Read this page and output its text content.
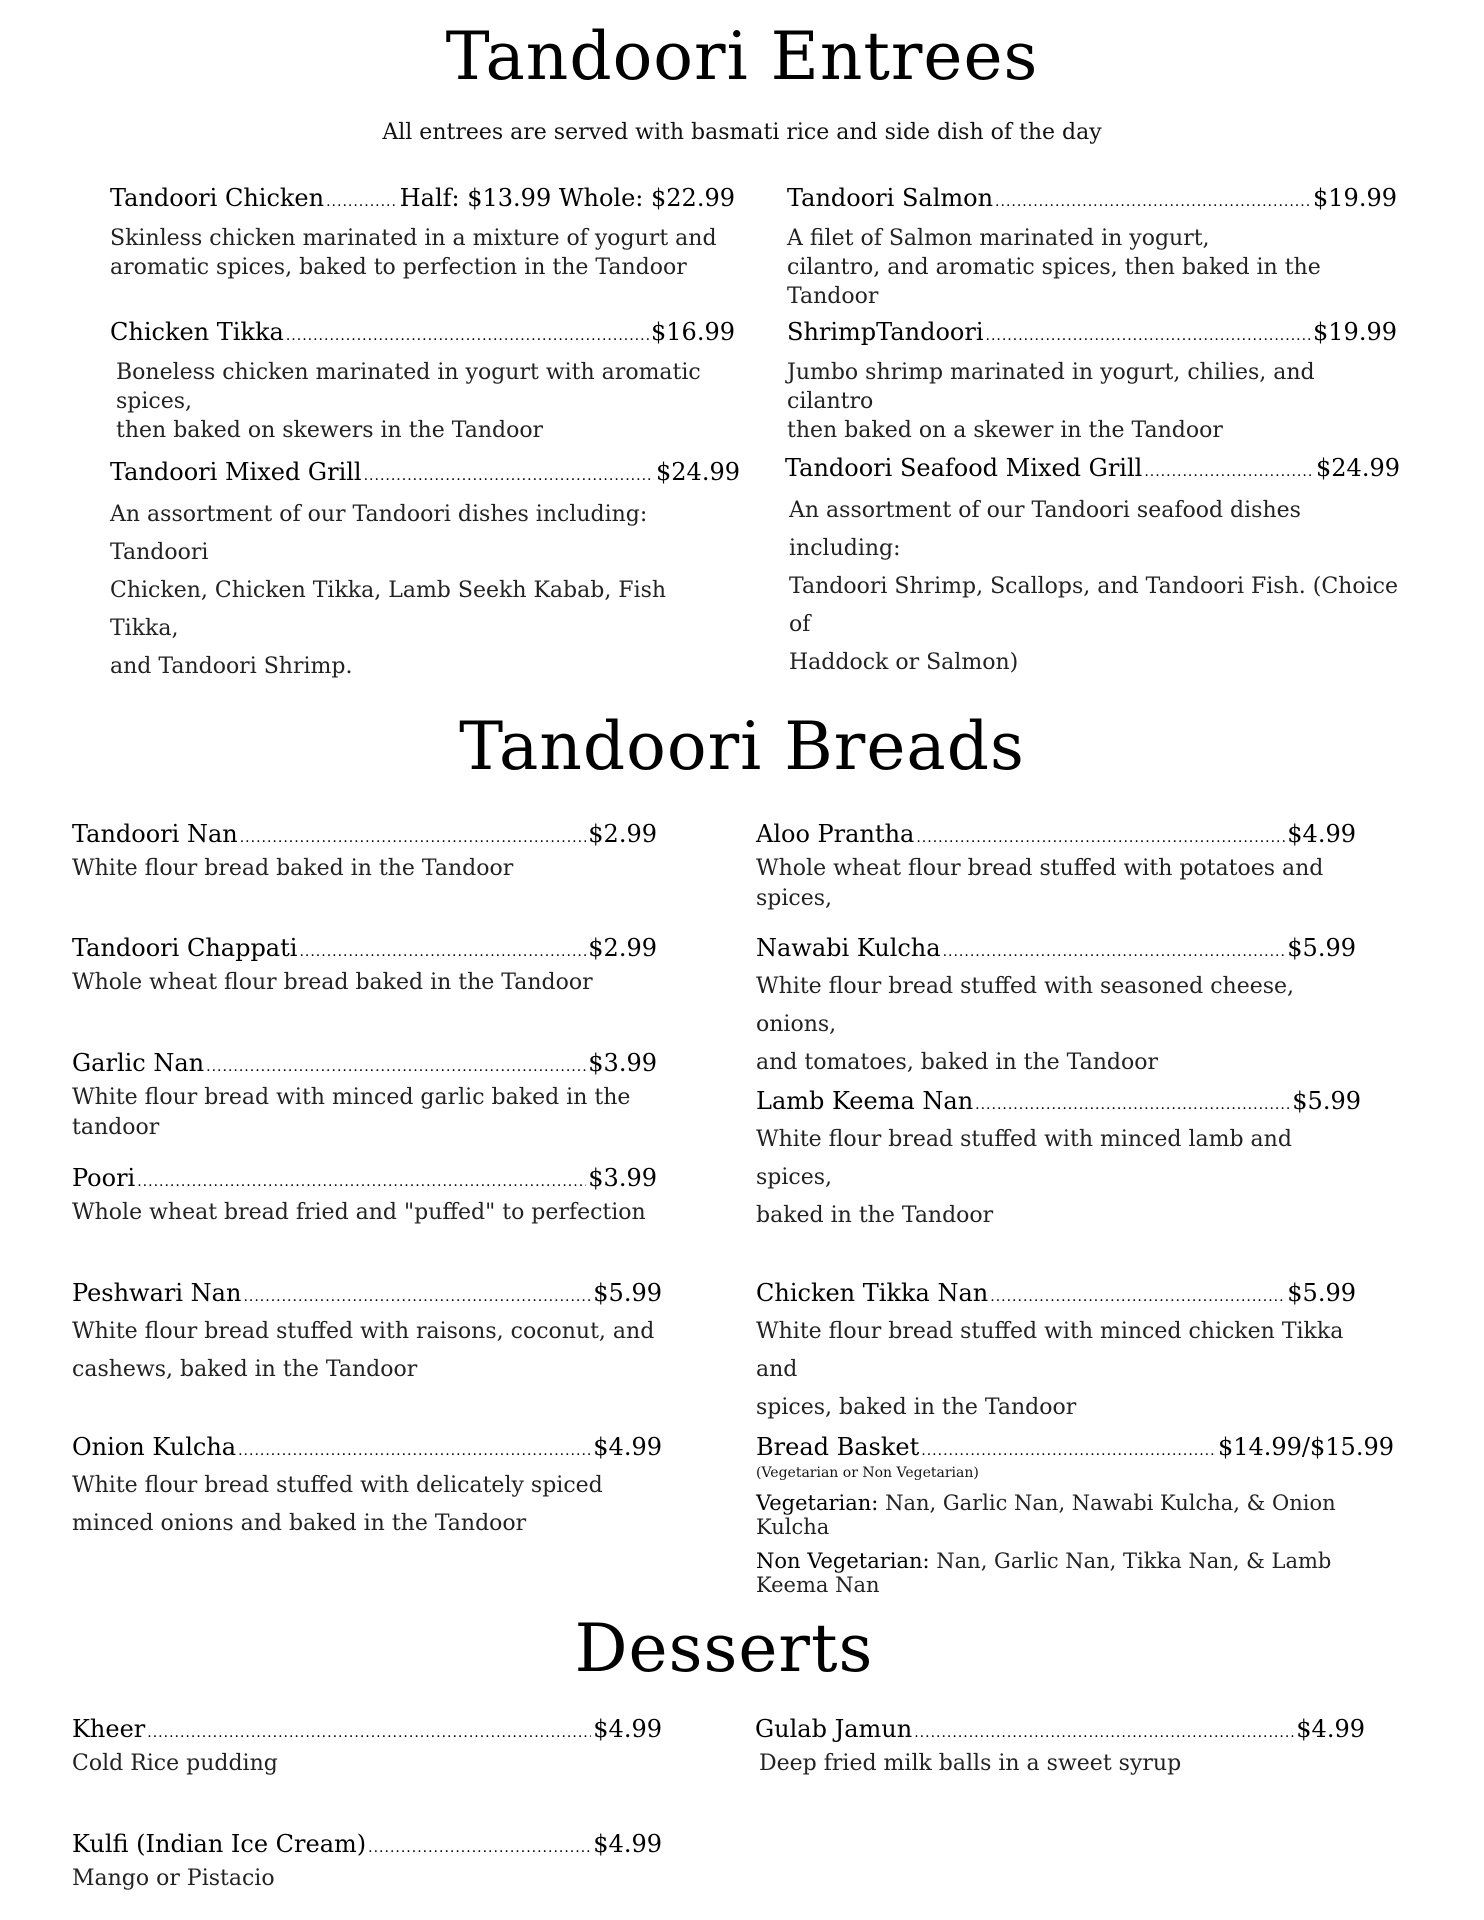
Tandoori Entrees
All entrees are served with basmati rice and side dish of the day
Tandoori Chicken .....	Half: $13.99 Whole: $22.99
Skinless chicken marinated in a mixture of yogurt and
aromatic spices, baked to perfection in the Tandoor
Tandoori Salmon .....	$19.99
A filet of Salmon marinated in yogurt,
cilantro, and aromatic spices, then baked in the Tandoor
Chicken Tikka .....	$16.99
Boneless chicken marinated in yogurt with aromatic spices,
then baked on skewers in the Tandoor
ShrimpTandoori .....	$19.99
Jumbo shrimp marinated in yogurt, chilies, and cilantro
then baked on a skewer in the Tandoor
Tandoori Mixed Grill .....	$24.99
An assortment of our Tandoori dishes including: Tandoori
Chicken, Chicken Tikka, Lamb Seekh Kabab, Fish Tikka,
and Tandoori Shrimp.
Tandoori Seafood Mixed Grill .....	$24.99
An assortment of our Tandoori seafood dishes including:
Tandoori Shrimp, Scallops, and Tandoori Fish. (Choice of
Haddock or Salmon)
Tandoori Breads
Tandoori Nan .....	$2.99
White flour bread baked in the Tandoor
Aloo Prantha .....	$4.99
Whole wheat flour bread stuffed with potatoes and spices,
Tandoori Chappati .....	$2.99
Whole wheat flour bread baked in the Tandoor
Nawabi Kulcha .....	$5.99
White flour bread stuffed with seasoned cheese, onions,
and tomatoes, baked in the Tandoor
Garlic Nan .....	$3.99
White flour bread with minced garlic baked in the tandoor
Lamb Keema Nan .....	$5.99
White flour bread stuffed with minced lamb and spices,
baked in the Tandoor
Poori .....	$3.99
Whole wheat bread fried and "puffed" to perfection
Peshwari Nan .....	$5.99
White flour bread stuffed with raisons, coconut, and
cashews, baked in the Tandoor
Chicken Tikka Nan .....	$5.99
White flour bread stuffed with minced chicken Tikka and
spices, baked in the Tandoor
Onion Kulcha .....	$4.99
White flour bread stuffed with delicately spiced
minced onions and baked in the Tandoor
Bread Basket .....	$14.99/$15.99
(Vegetarian or Non Vegetarian)
Vegetarian: Nan, Garlic Nan, Nawabi Kulcha, & Onion Kulcha
Non Vegetarian: Nan, Garlic Nan, Tikka Nan, & Lamb Keema Nan
Desserts
Kheer .....	$4.99
Cold Rice pudding
Gulab Jamun .....	$4.99
Deep fried milk balls in a sweet syrup
Kulfi (Indian Ice Cream) .....	$4.99
Mango or Pistacio
